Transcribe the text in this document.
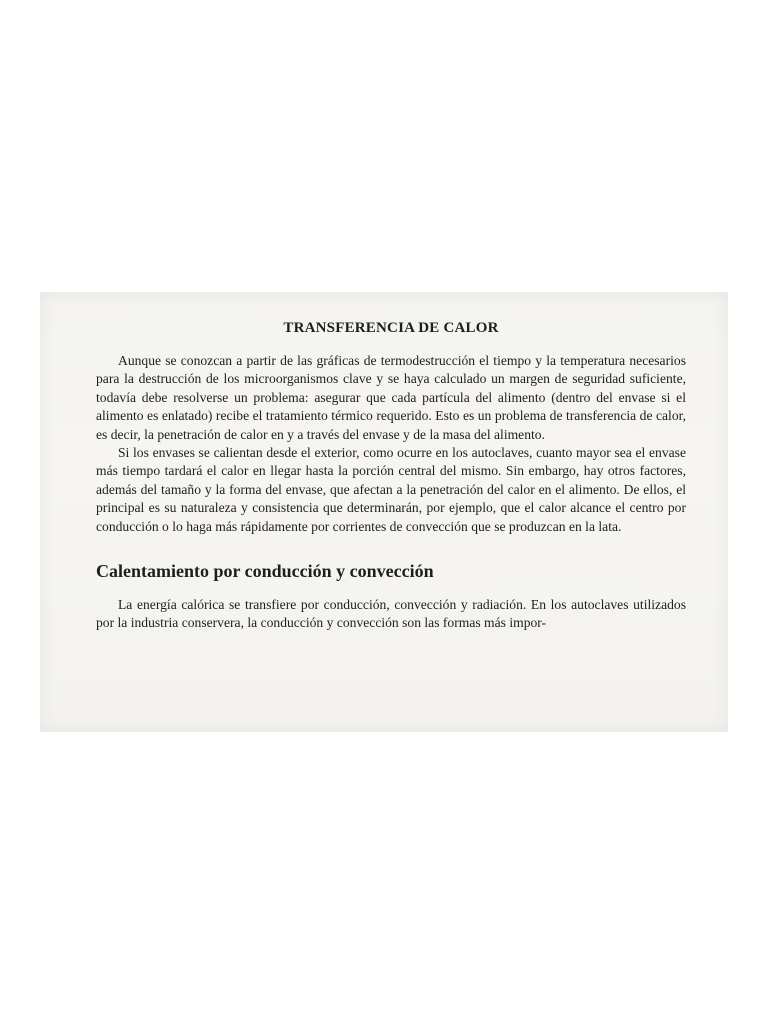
TRANSFERENCIA DE CALOR

Aunque se conozcan a partir de las gráficas de termodestrucción el tiempo y la temperatura necesarios para la destrucción de los microorganismos clave y se haya calculado un margen de seguridad suficiente, todavía debe resolverse un problema: asegurar que cada partícula del alimento (dentro del envase si el alimento es enlatado) recibe el tratamiento térmico requerido. Esto es un problema de transferencia de calor, es decir, la penetración de calor en y a través del envase y de la masa del alimento.

Si los envases se calientan desde el exterior, como ocurre en los autoclaves, cuanto mayor sea el envase más tiempo tardará el calor en llegar hasta la porción central del mismo. Sin embargo, hay otros factores, además del tamaño y la forma del envase, que afectan a la penetración del calor en el alimento. De ellos, el principal es su naturaleza y consistencia que determinarán, por ejemplo, que el calor alcance el centro por conducción o lo haga más rápidamente por corrientes de convección que se produzcan en la lata.

Calentamiento por conducción y convección

La energía calórica se transfiere por conducción, convección y radiación. En los autoclaves utilizados por la industria conservera, la conducción y convección son las formas más impor-
